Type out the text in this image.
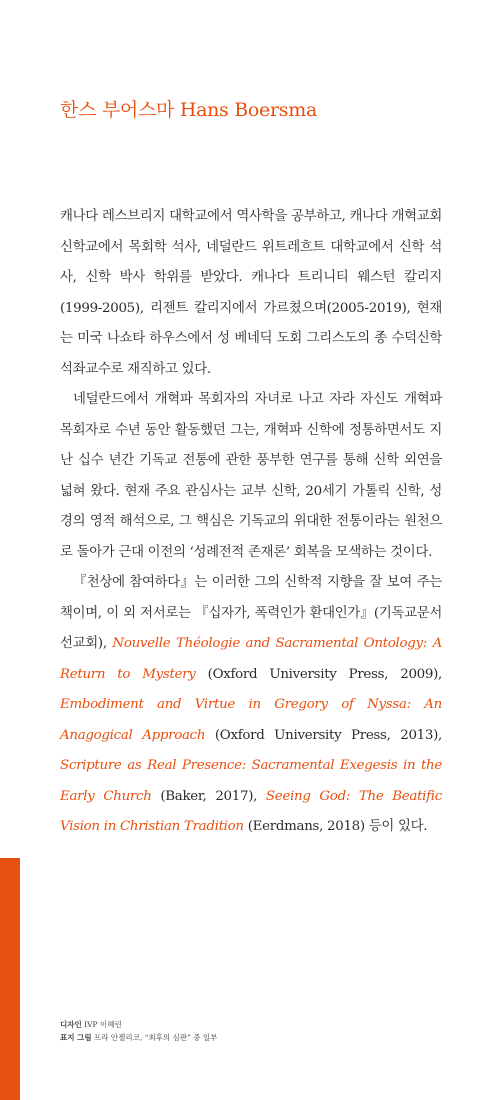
한스 부어스마 Hans Boersma

캐나다 레스브리지 대학교에서 역사학을 공부하고, 캐나다 개혁교회 신학교에서 목회학 석사, 네덜란드 위트레흐트 대학교에서 신학 석사, 신학 박사 학위를 받았다. 캐나다 트리니티 웨스턴 칼리지(1999-2005), 리젠트 칼리지에서 가르쳤으며(2005-2019), 현재는 미국 나쇼타 하우스에서 성 베네딕 도회 그리스도의 종 수덕신학 석좌교수로 재직하고 있다.

네덜란드에서 개혁파 목회자의 자녀로 나고 자라 자신도 개혁파 목회자로 수년 동안 활동했던 그는, 개혁파 신학에 정통하면서도 지난 십수 년간 기독교 전통에 관한 풍부한 연구를 통해 신학 외연을 넓혀 왔다. 현재 주요 관심사는 교부 신학, 20세기 가톨릭 신학, 성경의 영적 해석으로, 그 핵심은 기독교의 위대한 전통이라는 원천으로 돌아가 근대 이전의 ‘성례전적 존재론’ 회복을 모색하는 것이다.

『천상에 참여하다』는 이러한 그의 신학적 지향을 잘 보여 주는 책이며, 이 외 저서로는 『십자가, 폭력인가 환대인가』(기독교문서선교회), Nouvelle Théologie and Sacramental Ontology: A Return to Mystery (Oxford University Press, 2009), Embodiment and Virtue in Gregory of Nyssa: An Anagogical Approach (Oxford University Press, 2013), Scripture as Real Presence: Sacramental Exegesis in the Early Church (Baker, 2017), Seeing God: The Beatific Vision in Christian Tradition (Eerdmans, 2018) 등이 있다.

디자인 IVP 이혜린
표지 그림 프라 안젤리코, “최후의 심판” 중 일부
